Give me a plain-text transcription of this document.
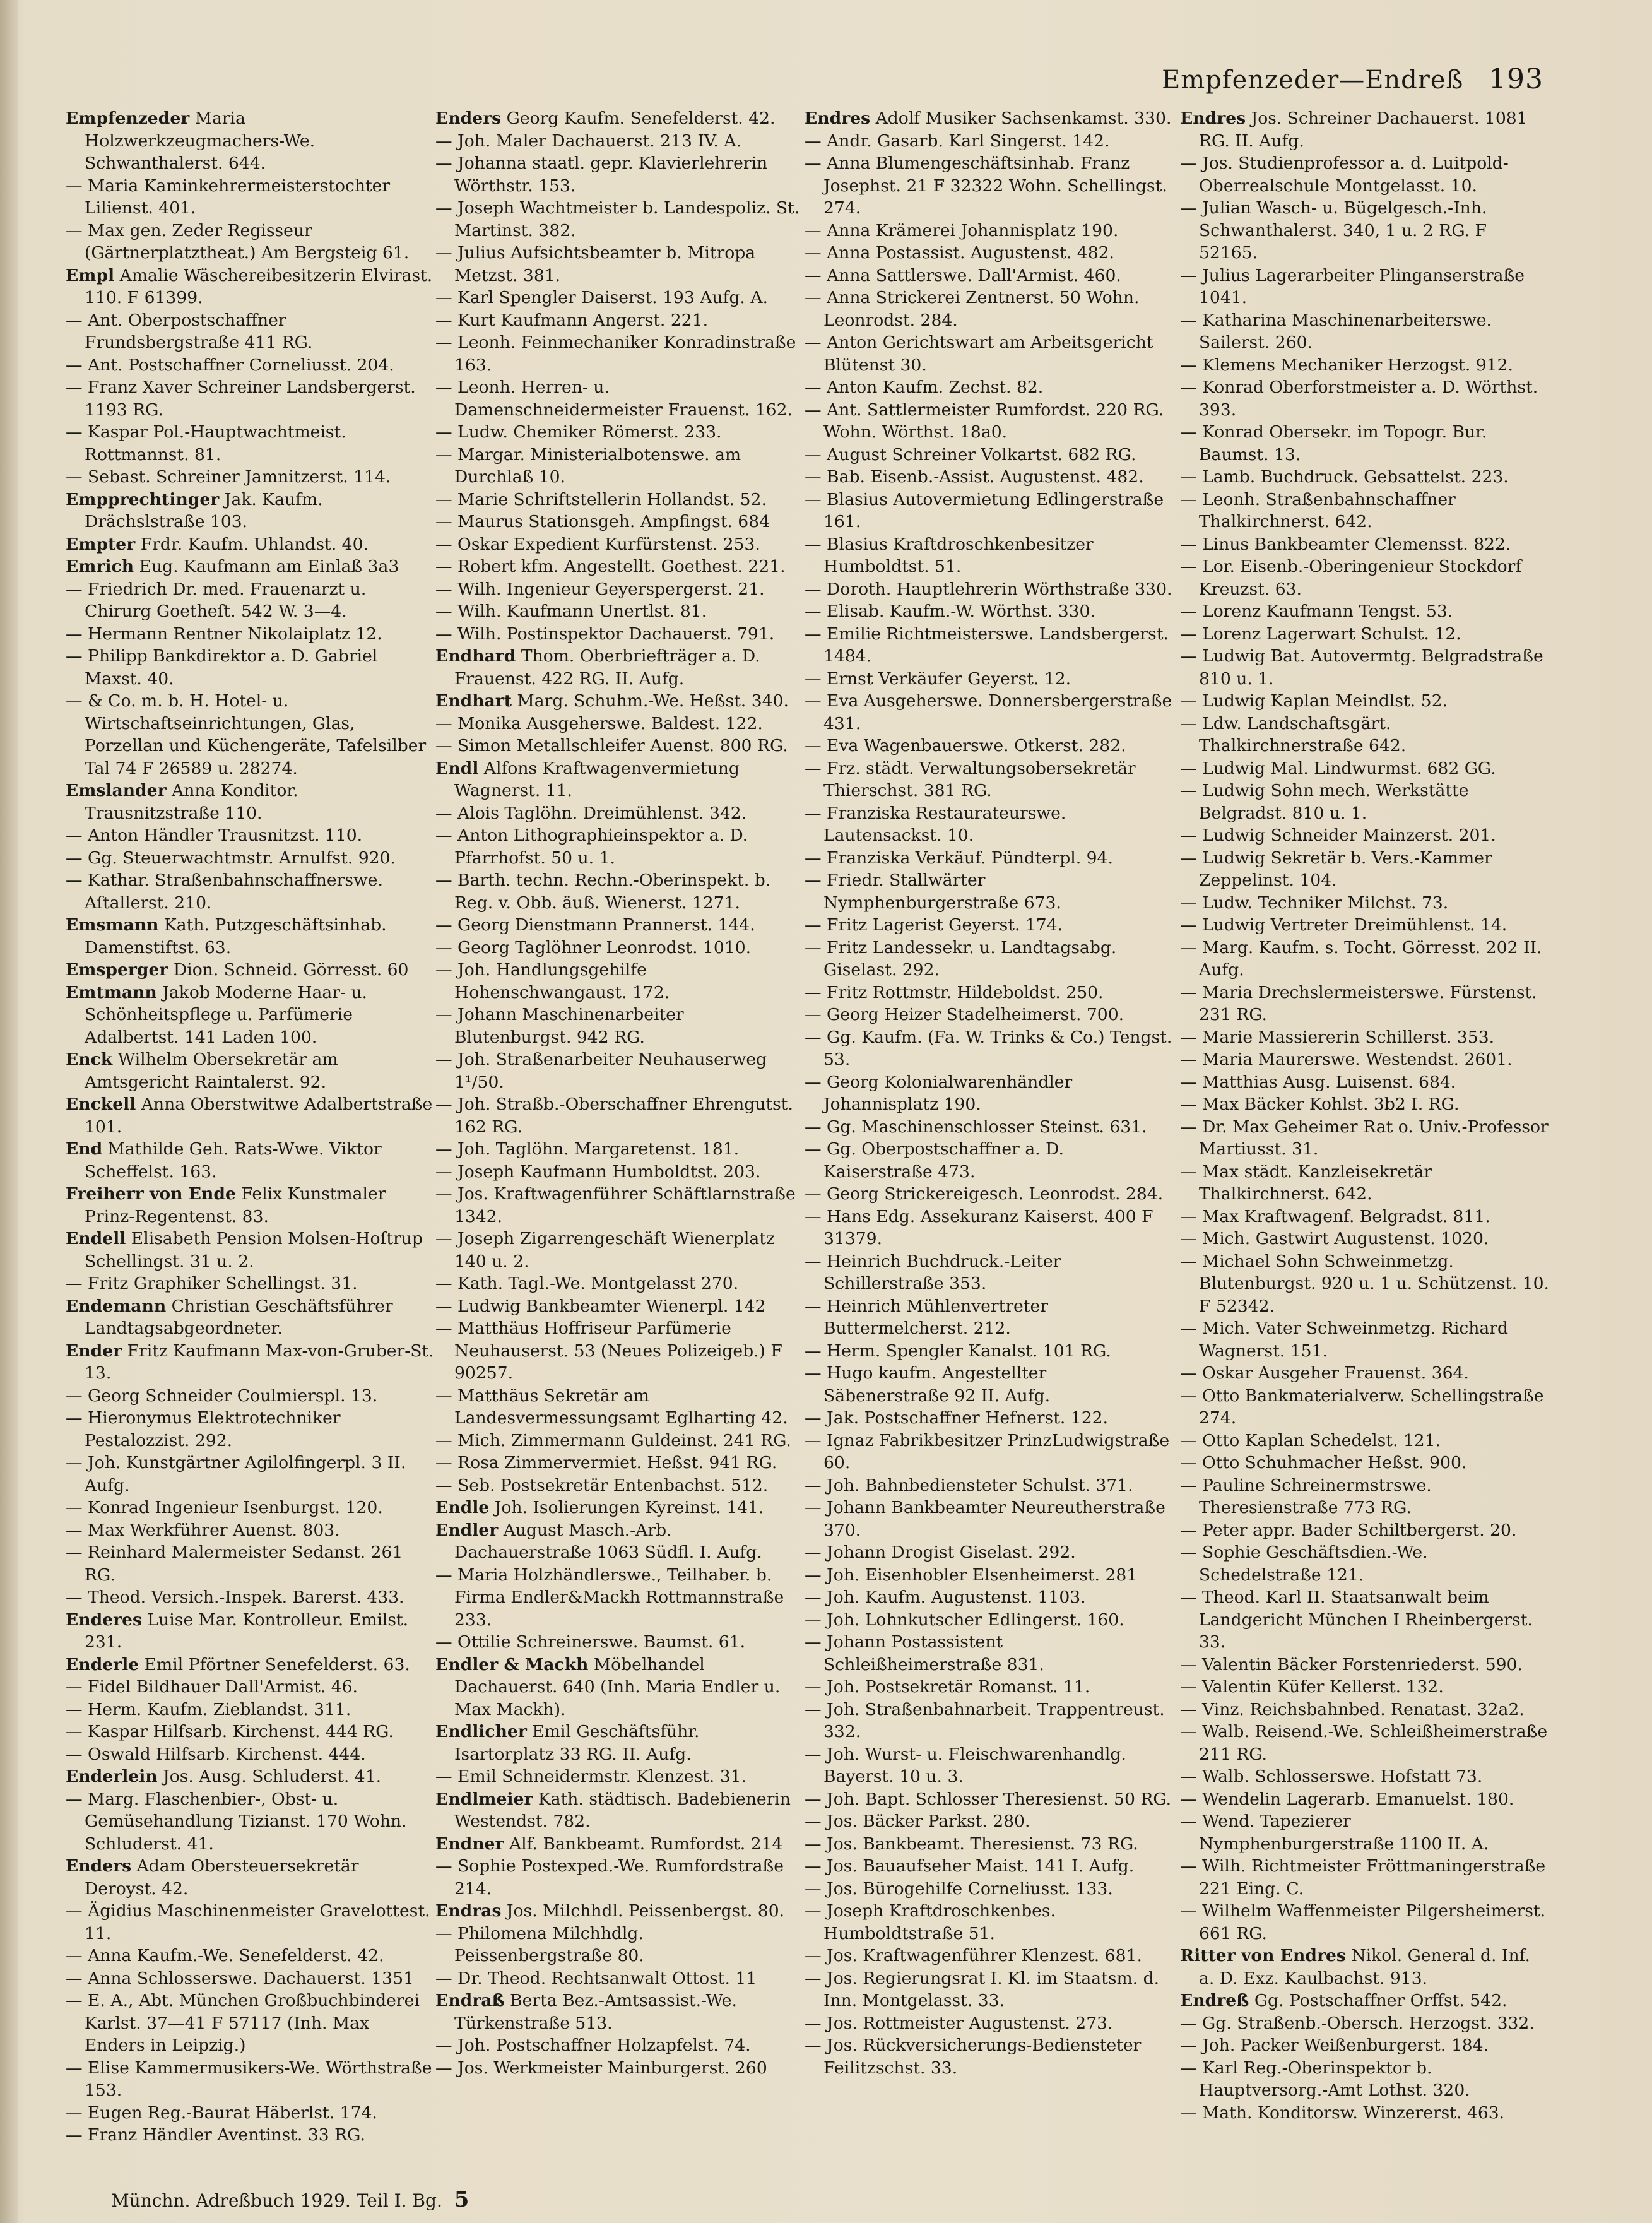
Empfenzeder—Endreß 193
Empfenzeder Maria Holzwerkzeugmachers-We. Schwanthalerst. 644.
— Maria Kaminkehrermeisterstochter Lilienst. 401.
— Max gen. Zeder Regisseur (Gärtnerplatztheat.) Am Bergsteig 61.
Empl Amalie Wäschereibesitzerin Elvirast. 110. F 61399.
— Ant. Oberpostschaffner Frundsbergstraße 411 RG.
— Ant. Postschaffner Corneliusst. 204.
— Franz Xaver Schreiner Landsbergerst. 1193 RG.
— Kaspar Pol.-Hauptwachtmeist. Rottmannst. 81.
— Sebast. Schreiner Jamnitzerst. 114.
Empprechtinger Jak. Kaufm. Drächslstraße 103.
Empter Frdr. Kaufm. Uhlandst. 40.
Emrich Eug. Kaufmann am Einlaß 3a3
— Friedrich Dr. med. Frauenarzt u. Chirurg Goetheſt. 542 W. 3—4.
— Hermann Rentner Nikolaiplatz 12.
— Philipp Bankdirektor a. D. Gabriel Maxst. 40.
— & Co. m. b. H. Hotel- u. Wirtschaftseinrichtungen, Glas, Porzellan und Küchengeräte, Tafelsilber Tal 74 F 26589 u. 28274.
Emslander Anna Konditor. Trausnitzstraße 110.
— Anton Händler Trausnitzst. 110.
— Gg. Steuerwachtmstr. Arnulfst. 920.
— Kathar. Straßenbahnschaffnerswe. Aſtallerst. 210.
Emsmann Kath. Putzgeschäftsinhab. Damenstiftst. 63.
Emsperger Dion. Schneid. Görresst. 60
Emtmann Jakob Moderne Haar- u. Schönheitspflege u. Parfümerie Adalbertst. 141 Laden 100.
Enck Wilhelm Obersekretär am Amtsgericht Raintalerst. 92.
Enckell Anna Oberstwitwe Adalbertstraße 101.
End Mathilde Geh. Rats-Wwe. Viktor Scheffelst. 163.
Freiherr von Ende Felix Kunstmaler Prinz-Regentenst. 83.
Endell Elisabeth Pension Molsen-Hoſtrup Schellingst. 31 u. 2.
— Fritz Graphiker Schellingst. 31.
Endemann Christian Geschäftsführer Landtagsabgeordneter.
Ender Fritz Kaufmann Max-von-Gruber-St. 13.
— Georg Schneider Coulmierspl. 13.
— Hieronymus Elektrotechniker Pestalozzist. 292.
— Joh. Kunstgärtner Agilolfingerpl. 3 II. Aufg.
— Konrad Ingenieur Isenburgst. 120.
— Max Werkführer Auenst. 803.
— Reinhard Malermeister Sedanst. 261 RG.
— Theod. Versich.-Inspek. Barerst. 433.
Enderes Luise Mar. Kontrolleur. Emilst. 231.
Enderle Emil Pförtner Senefelderst. 63.
— Fidel Bildhauer Dall'Armist. 46.
— Herm. Kaufm. Zieblandst. 311.
— Kaspar Hilfsarb. Kirchenst. 444 RG.
— Oswald Hilfsarb. Kirchenst. 444.
Enderlein Jos. Ausg. Schluderst. 41.
— Marg. Flaschenbier-, Obst- u. Gemüsehandlung Tizianst. 170 Wohn. Schluderst. 41.
Enders Adam Obersteuersekretär Deroyst. 42.
— Ägidius Maschinenmeister Gravelottest. 11.
— Anna Kaufm.-We. Senefelderst. 42.
— Anna Schlosserswe. Dachauerst. 1351
— E. A., Abt. München Großbuchbinderei Karlst. 37—41 F 57117 (Inh. Max Enders in Leipzig.)
— Elise Kammermusikers-We. Wörthstraße 153.
— Eugen Reg.-Baurat Häberlst. 174.
— Franz Händler Aventinst. 33 RG.
Enders Georg Kaufm. Senefelderst. 42.
— Joh. Maler Dachauerst. 213 IV. A.
— Johanna staatl. gepr. Klavierlehrerin Wörthstr. 153.
— Joseph Wachtmeister b. Landespoliz. St. Martinst. 382.
— Julius Aufsichtsbeamter b. Mitropa Metzst. 381.
— Karl Spengler Daiserst. 193 Aufg. A.
— Kurt Kaufmann Angerst. 221.
— Leonh. Feinmechaniker Konradinstraße 163.
— Leonh. Herren- u. Damenschneidermeister Frauenst. 162.
— Ludw. Chemiker Römerst. 233.
— Margar. Ministerialbotenswe. am Durchlaß 10.
— Marie Schriftstellerin Hollandst. 52.
— Maurus Stationsgeh. Ampfingst. 684
— Oskar Expedient Kurfürstenst. 253.
— Robert kfm. Angestellt. Goethest. 221.
— Wilh. Ingenieur Geyerspergerst. 21.
— Wilh. Kaufmann Unertlst. 81.
— Wilh. Postinspektor Dachauerst. 791.
Endhard Thom. Oberbriefträger a. D. Frauenst. 422 RG. II. Aufg.
Endhart Marg. Schuhm.-We. Heßst. 340.
— Monika Ausgeherswe. Baldest. 122.
— Simon Metallschleifer Auenst. 800 RG.
Endl Alfons Kraftwagenvermietung Wagnerst. 11.
— Alois Taglöhn. Dreimühlenst. 342.
— Anton Lithographieinspektor a. D. Pfarrhofst. 50 u. 1.
— Barth. techn. Rechn.-Oberinspekt. b. Reg. v. Obb. äuß. Wienerst. 1271.
— Georg Dienstmann Prannerst. 144.
— Georg Taglöhner Leonrodst. 1010.
— Joh. Handlungsgehilfe Hohenschwangaust. 172.
— Johann Maschinenarbeiter Blutenburgst. 942 RG.
— Joh. Straßenarbeiter Neuhauserweg 1¹/50.
— Joh. Straßb.-Oberschaffner Ehrengutst. 162 RG.
— Joh. Taglöhn. Margaretenst. 181.
— Joseph Kaufmann Humboldtst. 203.
— Jos. Kraftwagenführer Schäftlarnstraße 1342.
— Joseph Zigarrengeschäft Wienerplatz 140 u. 2.
— Kath. Tagl.-We. Montgelasst 270.
— Ludwig Bankbeamter Wienerpl. 142
— Matthäus Hoffriseur Parfümerie Neuhauserst. 53 (Neues Polizeigeb.) F 90257.
— Matthäus Sekretär am Landesvermessungsamt Eglharting 42.
— Mich. Zimmermann Guldeinst. 241 RG.
— Rosa Zimmervermiet. Heßst. 941 RG.
— Seb. Postsekretär Entenbachst. 512.
Endle Joh. Isolierungen Kyreinst. 141.
Endler August Masch.-Arb. Dachauerstraße 1063 Südfl. I. Aufg.
— Maria Holzhändlerswe., Teilhaber. b. Firma Endler&Mackh Rottmannstraße 233.
— Ottilie Schreinerswe. Baumst. 61.
Endler & Mackh Möbelhandel Dachauerst. 640 (Inh. Maria Endler u. Max Mackh).
Endlicher Emil Geschäftsführ. Isartorplatz 33 RG. II. Aufg.
— Emil Schneidermstr. Klenzest. 31.
Endlmeier Kath. städtisch. Badebienerin Westendst. 782.
Endner Alf. Bankbeamt. Rumfordst. 214
— Sophie Postexped.-We. Rumfordstraße 214.
Endras Jos. Milchhdl. Peissenbergst. 80.
— Philomena Milchhdlg. Peissenbergstraße 80.
— Dr. Theod. Rechtsanwalt Ottost. 11
Endraß Berta Bez.-Amtsassist.-We. Türkenstraße 513.
— Joh. Postschaffner Holzapfelst. 74.
— Jos. Werkmeister Mainburgerst. 260
Endres Adolf Musiker Sachsenkamst. 330.
— Andr. Gasarb. Karl Singerst. 142.
— Anna Blumengeschäftsinhab. Franz Josephst. 21 F 32322 Wohn. Schellingst. 274.
— Anna Krämerei Johannisplatz 190.
— Anna Postassist. Augustenst. 482.
— Anna Sattlerswe. Dall'Armist. 460.
— Anna Strickerei Zentnerst. 50 Wohn. Leonrodst. 284.
— Anton Gerichtswart am Arbeitsgericht Blütenst 30.
— Anton Kaufm. Zechst. 82.
— Ant. Sattlermeister Rumfordst. 220 RG. Wohn. Wörthst. 18a0.
— August Schreiner Volkartst. 682 RG.
— Bab. Eisenb.-Assist. Augustenst. 482.
— Blasius Autovermietung Edlingerstraße 161.
— Blasius Kraftdroschkenbesitzer Humboldtst. 51.
— Doroth. Hauptlehrerin Wörthstraße 330.
— Elisab. Kaufm.-W. Wörthst. 330.
— Emilie Richtmeisterswe. Landsbergerst. 1484.
— Ernst Verkäufer Geyerst. 12.
— Eva Ausgeherswe. Donnersbergerstraße 431.
— Eva Wagenbauerswe. Otkerst. 282.
— Frz. städt. Verwaltungsobersekretär Thierschst. 381 RG.
— Franziska Restaurateurswe. Lautensackst. 10.
— Franziska Verkäuf. Pündterpl. 94.
— Friedr. Stallwärter Nymphenburgerstraße 673.
— Fritz Lagerist Geyerst. 174.
— Fritz Landessekr. u. Landtagsabg. Giselast. 292.
— Fritz Rottmstr. Hildeboldst. 250.
— Georg Heizer Stadelheimerst. 700.
— Gg. Kaufm. (Fa. W. Trinks & Co.) Tengst. 53.
— Georg Kolonialwarenhändler Johannisplatz 190.
— Gg. Maschinenschlosser Steinst. 631.
— Gg. Oberpostschaffner a. D. Kaiserstraße 473.
— Georg Strickereigesch. Leonrodst. 284.
— Hans Edg. Assekuranz Kaiserst. 400 F 31379.
— Heinrich Buchdruck.-Leiter Schillerstraße 353.
— Heinrich Mühlenvertreter Buttermelcherst. 212.
— Herm. Spengler Kanalst. 101 RG.
— Hugo kaufm. Angestellter Säbenerstraße 92 II. Aufg.
— Jak. Postschaffner Hefnerst. 122.
— Ignaz Fabrikbesitzer PrinzLudwigstraße 60.
— Joh. Bahnbediensteter Schulst. 371.
— Johann Bankbeamter Neureutherstraße 370.
— Johann Drogist Giselast. 292.
— Joh. Eisenhobler Elsenheimerst. 281
— Joh. Kaufm. Augustenst. 1103.
— Joh. Lohnkutscher Edlingerst. 160.
— Johann Postassistent Schleißheimerstraße 831.
— Joh. Postsekretär Romanst. 11.
— Joh. Straßenbahnarbeit. Trappentreust. 332.
— Joh. Wurst- u. Fleischwarenhandlg. Bayerst. 10 u. 3.
— Joh. Bapt. Schlosser Theresienst. 50 RG.
— Jos. Bäcker Parkst. 280.
— Jos. Bankbeamt. Theresienst. 73 RG.
— Jos. Bauaufseher Maist. 141 I. Aufg.
— Jos. Bürogehilfe Corneliusst. 133.
— Joseph Kraftdroschkenbes. Humboldtstraße 51.
— Jos. Kraftwagenführer Klenzest. 681.
— Jos. Regierungsrat I. Kl. im Staatsm. d. Inn. Montgelasst. 33.
— Jos. Rottmeister Augustenst. 273.
— Jos. Rückversicherungs-Bediensteter Feilitzschst. 33.
Endres Jos. Schreiner Dachauerst. 1081 RG. II. Aufg.
— Jos. Studienprofessor a. d. Luitpold-Oberrealschule Montgelasst. 10.
— Julian Wasch- u. Bügelgesch.-Inh. Schwanthalerst. 340, 1 u. 2 RG. F 52165.
— Julius Lagerarbeiter Plinganserstraße 1041.
— Katharina Maschinenarbeiterswe. Sailerst. 260.
— Klemens Mechaniker Herzogst. 912.
— Konrad Oberforstmeister a. D. Wörthst. 393.
— Konrad Obersekr. im Topogr. Bur. Baumst. 13.
— Lamb. Buchdruck. Gebsattelst. 223.
— Leonh. Straßenbahnschaffner Thalkirchnerst. 642.
— Linus Bankbeamter Clemensst. 822.
— Lor. Eisenb.-Oberingenieur Stockdorf Kreuzst. 63.
— Lorenz Kaufmann Tengst. 53.
— Lorenz Lagerwart Schulst. 12.
— Ludwig Bat. Autovermtg. Belgradstraße 810 u. 1.
— Ludwig Kaplan Meindlst. 52.
— Ldw. Landschaftsgärt. Thalkirchnerstraße 642.
— Ludwig Mal. Lindwurmst. 682 GG.
— Ludwig Sohn mech. Werkstätte Belgradst. 810 u. 1.
— Ludwig Schneider Mainzerst. 201.
— Ludwig Sekretär b. Vers.-Kammer Zeppelinst. 104.
— Ludw. Techniker Milchst. 73.
— Ludwig Vertreter Dreimühlenst. 14.
— Marg. Kaufm. s. Tocht. Görresst. 202 II. Aufg.
— Maria Drechslermeisterswe. Fürstenst. 231 RG.
— Marie Massiererin Schillerst. 353.
— Maria Maurerswe. Westendst. 2601.
— Matthias Ausg. Luisenst. 684.
— Max Bäcker Kohlst. 3b2 I. RG.
— Dr. Max Geheimer Rat o. Univ.-Professor Martiusst. 31.
— Max städt. Kanzleisekretär Thalkirchnerst. 642.
— Max Kraftwagenf. Belgradst. 811.
— Mich. Gastwirt Augustenst. 1020.
— Michael Sohn Schweinmetzg. Blutenburgst. 920 u. 1 u. Schützenst. 10. F 52342.
— Mich. Vater Schweinmetzg. Richard Wagnerst. 151.
— Oskar Ausgeher Frauenst. 364.
— Otto Bankmaterialverw. Schellingstraße 274.
— Otto Kaplan Schedelst. 121.
— Otto Schuhmacher Heßst. 900.
— Pauline Schreinermstrswe. Theresienstraße 773 RG.
— Peter appr. Bader Schiltbergerst. 20.
— Sophie Geschäftsdien.-We. Schedelstraße 121.
— Theod. Karl II. Staatsanwalt beim Landgericht München I Rheinbergerst. 33.
— Valentin Bäcker Forstenriederst. 590.
— Valentin Küfer Kellerst. 132.
— Vinz. Reichsbahnbed. Renatast. 32a2.
— Walb. Reisend.-We. Schleißheimerstraße 211 RG.
— Walb. Schlosserswe. Hofstatt 73.
— Wendelin Lagerarb. Emanuelst. 180.
— Wend. Tapezierer Nymphenburgerstraße 1100 II. A.
— Wilh. Richtmeister Fröttmaningerstraße 221 Eing. C.
— Wilhelm Waffenmeister Pilgersheimerst. 661 RG.
Ritter von Endres Nikol. General d. Inf. a. D. Exz. Kaulbachst. 913.
Endreß Gg. Postschaffner Orffst. 542.
— Gg. Straßenb.-Obersch. Herzogst. 332.
— Joh. Packer Weißenburgerst. 184.
— Karl Reg.-Oberinspektor b. Hauptversorg.-Amt Lothst. 320.
— Math. Konditorsw. Winzererst. 463.
Münchn. Adreßbuch 1929. Teil I. Bg. 5
